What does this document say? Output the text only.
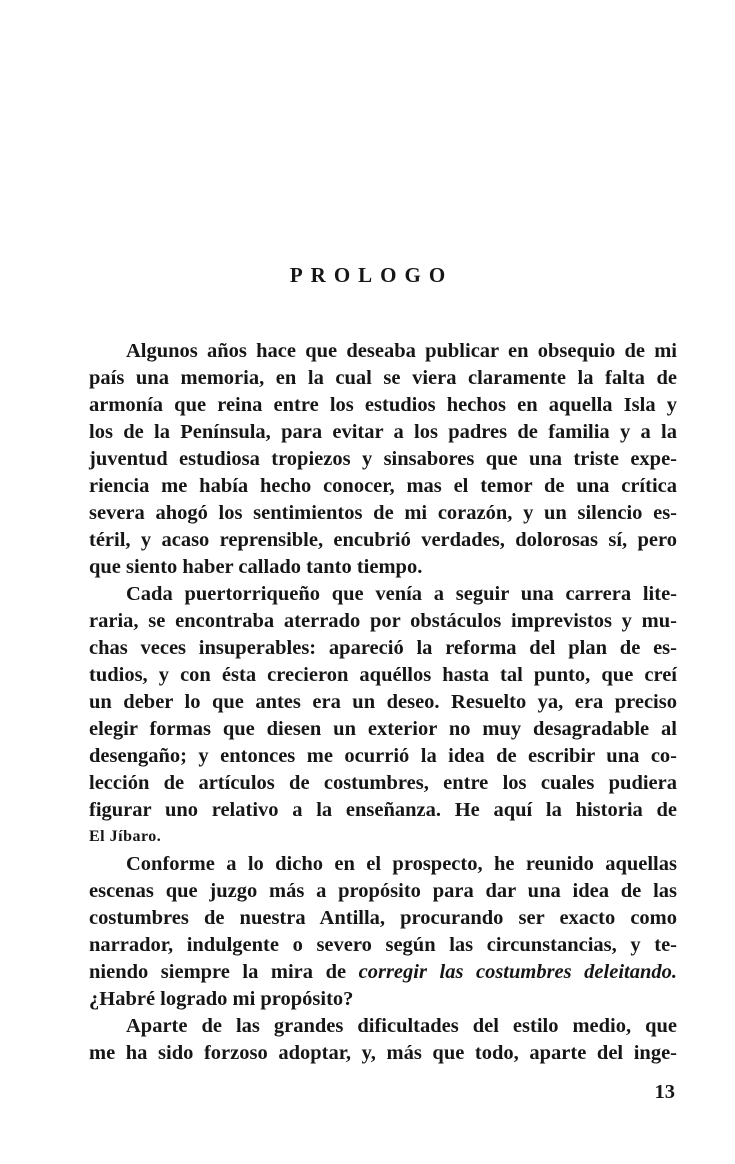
PROLOGO
Algunos años hace que deseaba publicar en obsequio de mi
país una memoria, en la cual se viera claramente la falta de
armonía que reina entre los estudios hechos en aquella Isla y
los de la Península, para evitar a los padres de familia y a la
juventud estudiosa tropiezos y sinsabores que una triste expe-
riencia me había hecho conocer, mas el temor de una crítica
severa ahogó los sentimientos de mi corazón, y un silencio es-
téril, y acaso reprensible, encubrió verdades, dolorosas sí, pero
que siento haber callado tanto tiempo.
Cada puertorriqueño que venía a seguir una carrera lite-
raria, se encontraba aterrado por obstáculos imprevistos y mu-
chas veces insuperables: apareció la reforma del plan de es-
tudios, y con ésta crecieron aquéllos hasta tal punto, que creí
un deber lo que antes era un deseo. Resuelto ya, era preciso
elegir formas que diesen un exterior no muy desagradable al
desengaño; y entonces me ocurrió la idea de escribir una co-
lección de artículos de costumbres, entre los cuales pudiera
figurar uno relativo a la enseñanza. He aquí la historia de
El Jíbaro.
Conforme a lo dicho en el prospecto, he reunido aquellas
escenas que juzgo más a propósito para dar una idea de las
costumbres de nuestra Antilla, procurando ser exacto como
narrador, indulgente o severo según las circunstancias, y te-
niendo siempre la mira de corregir las costumbres deleitando.
¿Habré logrado mi propósito?
Aparte de las grandes dificultades del estilo medio, que
me ha sido forzoso adoptar, y, más que todo, aparte del inge-
13
